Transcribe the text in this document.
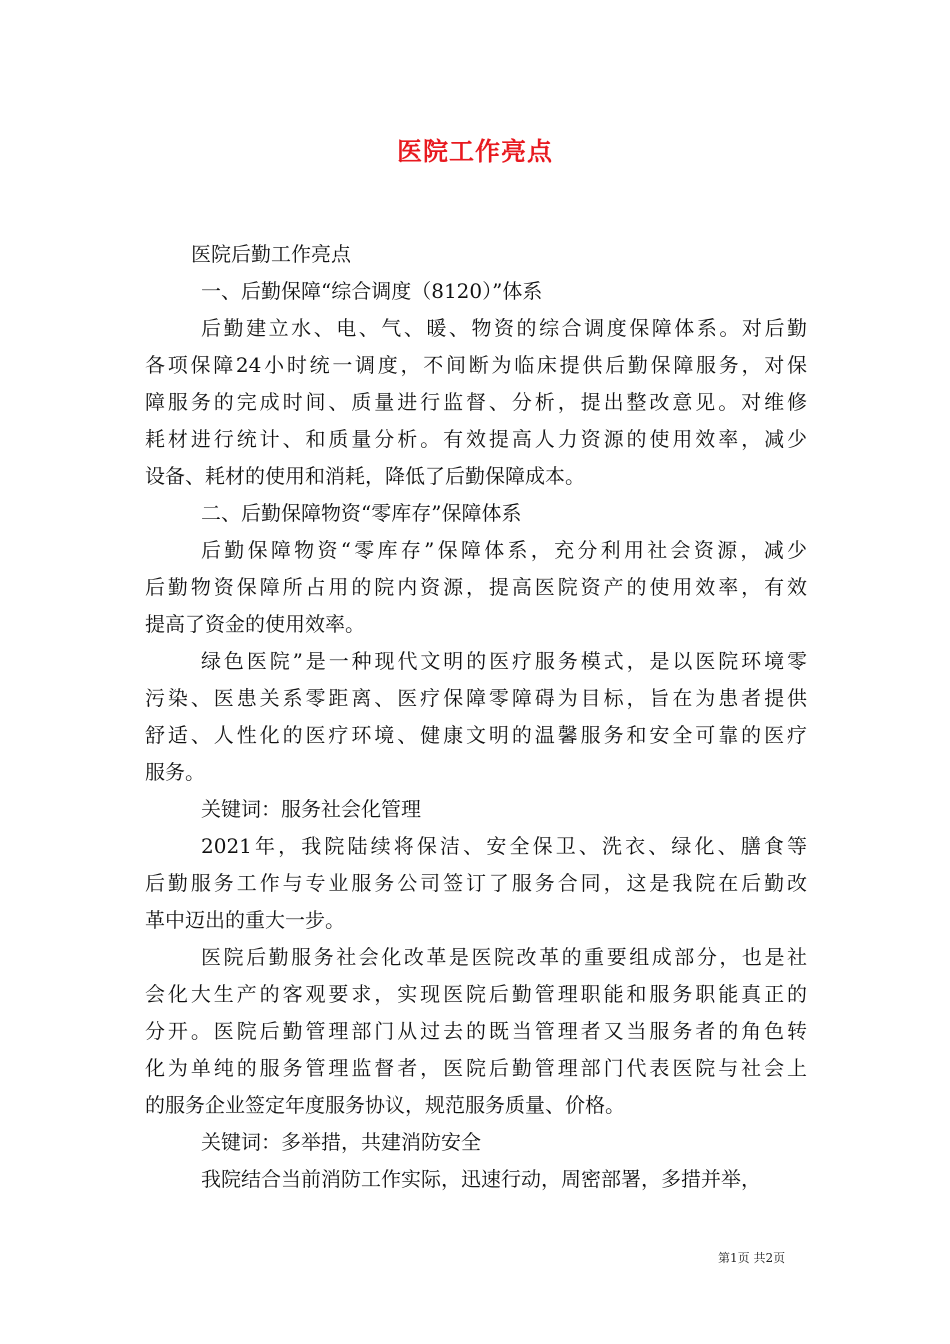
医院工作亮点
医院后勤工作亮点
一、后勤保障“综合调度（8120）”体系
后勤建立水、电、气、暖、物资的综合调度保障体系。对后勤
各项保障24小时统一调度，不间断为临床提供后勤保障服务，对保
障服务的完成时间、质量进行监督、分析，提出整改意见。对维修
耗材进行统计、和质量分析。有效提高人力资源的使用效率，减少
设备、耗材的使用和消耗，降低了后勤保障成本。
二、后勤保障物资“零库存”保障体系
后勤保障物资“零库存”保障体系，充分利用社会资源，减少
后勤物资保障所占用的院内资源，提高医院资产的使用效率，有效
提高了资金的使用效率。
绿色医院”是一种现代文明的医疗服务模式，是以医院环境零
污染、医患关系零距离、医疗保障零障碍为目标，旨在为患者提供
舒适、人性化的医疗环境、健康文明的温馨服务和安全可靠的医疗
服务。
关键词：服务社会化管理
2021年，我院陆续将保洁、安全保卫、洗衣、绿化、膳食等
后勤服务工作与专业服务公司签订了服务合同，这是我院在后勤改
革中迈出的重大一步。
医院后勤服务社会化改革是医院改革的重要组成部分，也是社
会化大生产的客观要求，实现医院后勤管理职能和服务职能真正的
分开。医院后勤管理部门从过去的既当管理者又当服务者的角色转
化为单纯的服务管理监督者，医院后勤管理部门代表医院与社会上
的服务企业签定年度服务协议，规范服务质量、价格。
关键词：多举措，共建消防安全
我院结合当前消防工作实际，迅速行动，周密部署，多措并举，
第1页 共2页
